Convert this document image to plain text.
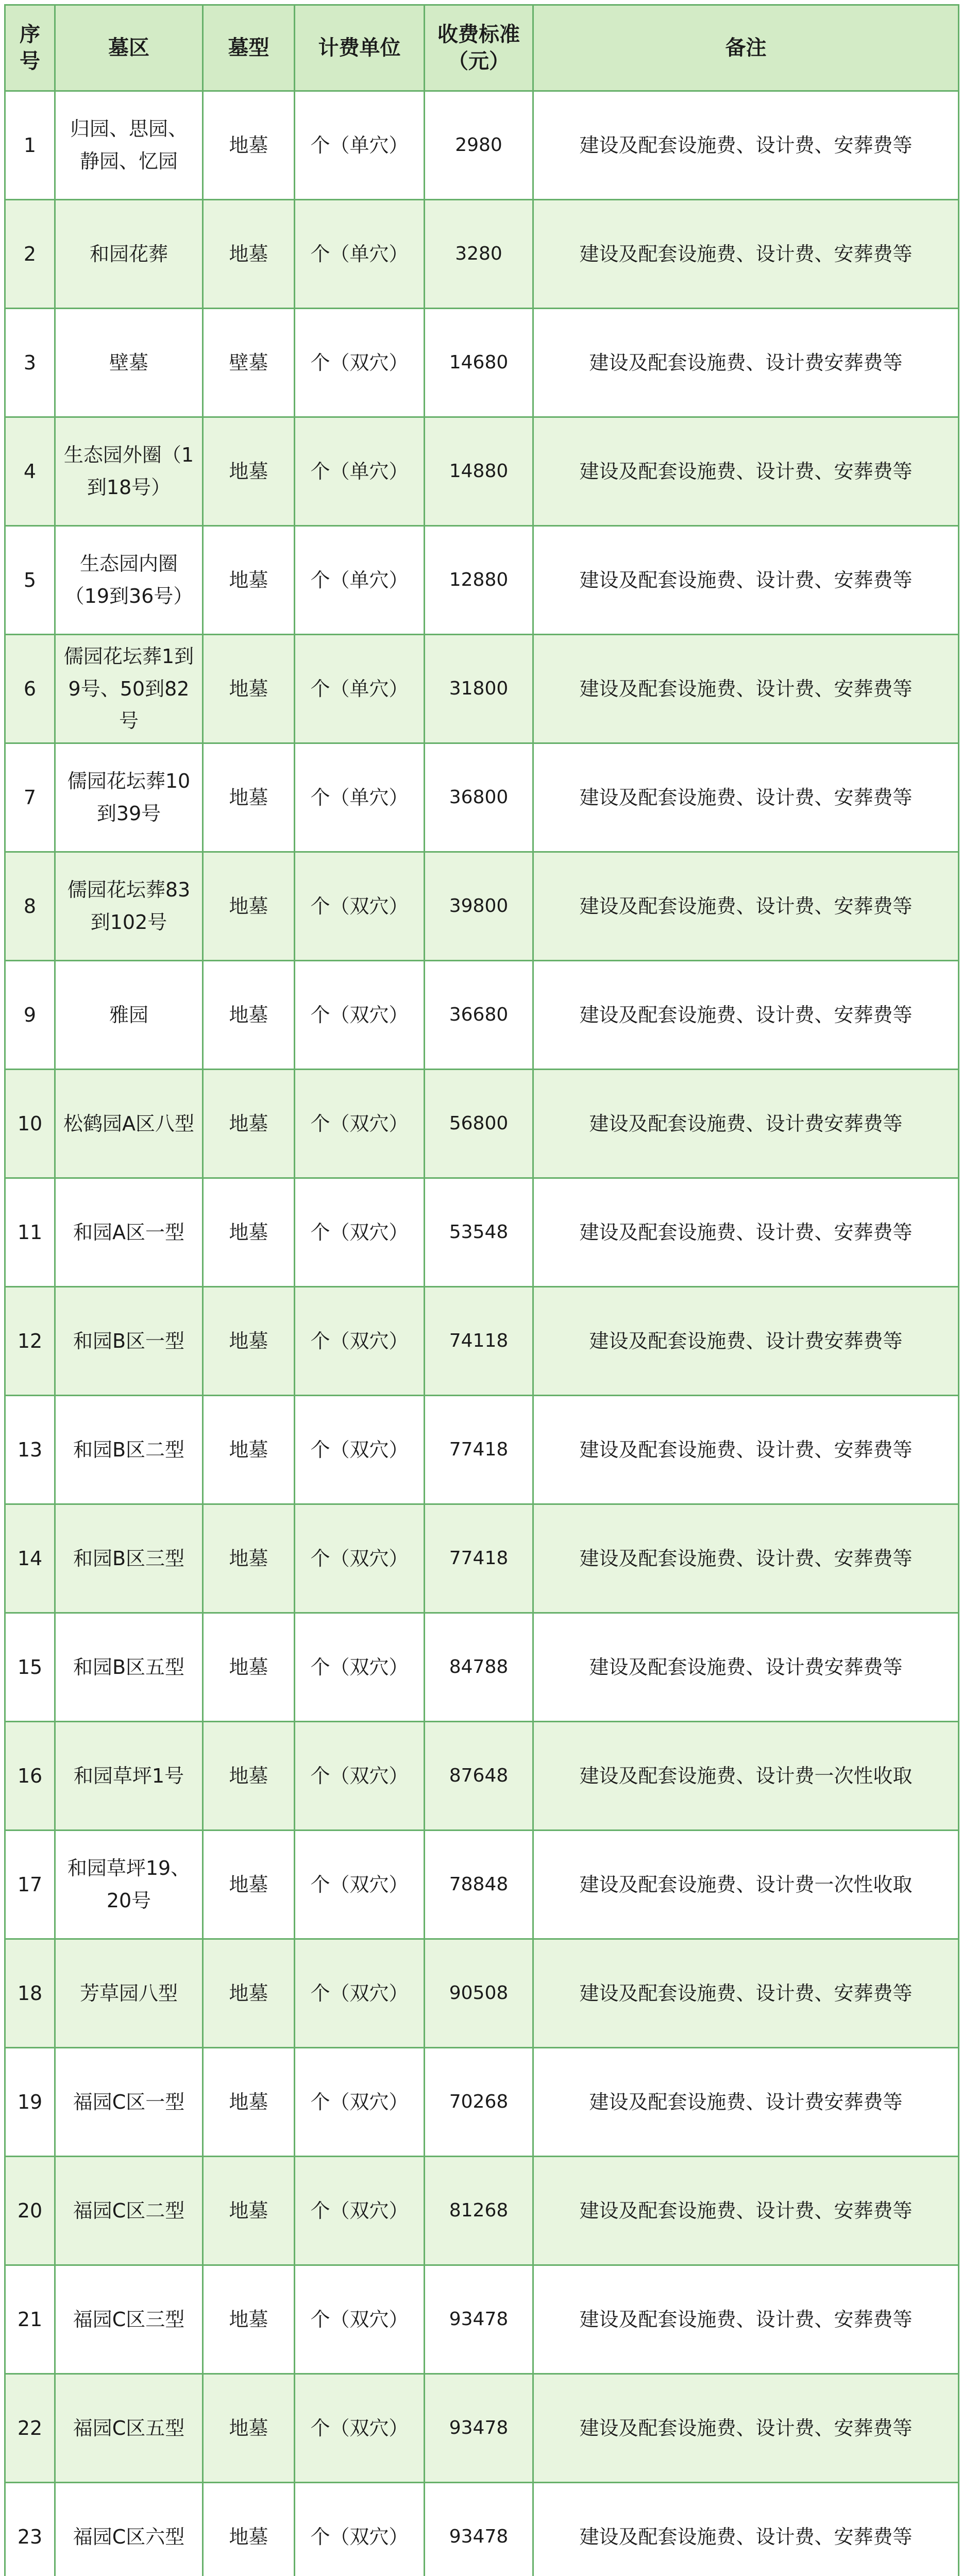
序号	墓区	墓型	计费单位	收费标准（元）	备注
1	归园、思园、静园、忆园	地墓	个（单穴）	2980	建设及配套设施费、设计费、安葬费等
2	和园花葬	地墓	个（单穴）	3280	建设及配套设施费、设计费、安葬费等
3	壁墓	壁墓	个（双穴）	14680	建设及配套设施费、设计费安葬费等
4	生态园外圈（1到18号）	地墓	个（单穴）	14880	建设及配套设施费、设计费、安葬费等
5	生态园内圈（19到36号）	地墓	个（单穴）	12880	建设及配套设施费、设计费、安葬费等
6	儒园花坛葬1到9号、50到82号	地墓	个（单穴）	31800	建设及配套设施费、设计费、安葬费等
7	儒园花坛葬10到39号	地墓	个（单穴）	36800	建设及配套设施费、设计费、安葬费等
8	儒园花坛葬83到102号	地墓	个（双穴）	39800	建设及配套设施费、设计费、安葬费等
9	雅园	地墓	个（双穴）	36680	建设及配套设施费、设计费、安葬费等
10	松鹤园A区八型	地墓	个（双穴）	56800	建设及配套设施费、设计费安葬费等
11	和园A区一型	地墓	个（双穴）	53548	建设及配套设施费、设计费、安葬费等
12	和园B区一型	地墓	个（双穴）	74118	建设及配套设施费、设计费安葬费等
13	和园B区二型	地墓	个（双穴）	77418	建设及配套设施费、设计费、安葬费等
14	和园B区三型	地墓	个（双穴）	77418	建设及配套设施费、设计费、安葬费等
15	和园B区五型	地墓	个（双穴）	84788	建设及配套设施费、设计费安葬费等
16	和园草坪1号	地墓	个（双穴）	87648	建设及配套设施费、设计费一次性收取
17	和园草坪19、20号	地墓	个（双穴）	78848	建设及配套设施费、设计费一次性收取
18	芳草园八型	地墓	个（双穴）	90508	建设及配套设施费、设计费、安葬费等
19	福园C区一型	地墓	个（双穴）	70268	建设及配套设施费、设计费安葬费等
20	福园C区二型	地墓	个（双穴）	81268	建设及配套设施费、设计费、安葬费等
21	福园C区三型	地墓	个（双穴）	93478	建设及配套设施费、设计费、安葬费等
22	福园C区五型	地墓	个（双穴）	93478	建设及配套设施费、设计费、安葬费等
23	福园C区六型	地墓	个（双穴）	93478	建设及配套设施费、设计费、安葬费等
